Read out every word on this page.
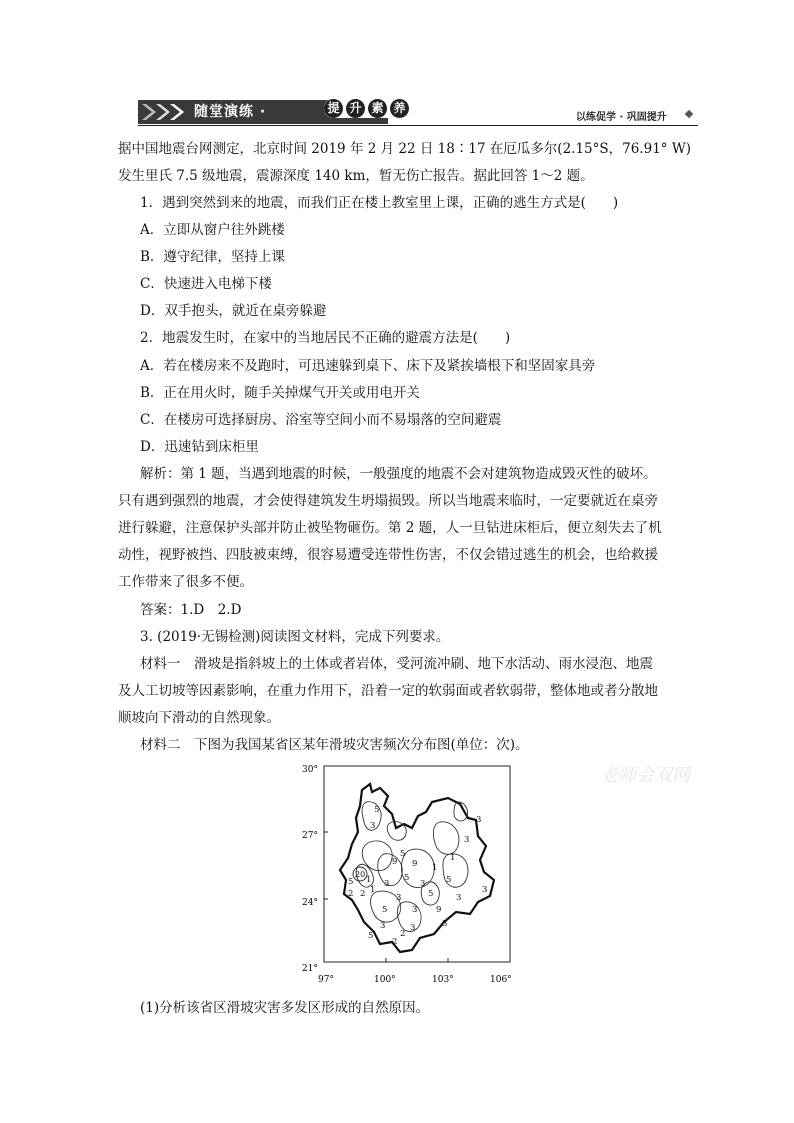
随堂演练 ·	提 升 素 养
以练促学 · 巩固提升
据中国地震台网测定，北京时间 2019 年 2 月 22 日 18∶17 在厄瓜多尔(2.15°S，76.91° W)
发生里氏 7.5 级地震，震源深度 140 km，暂无伤亡报告。据此回答 1～2 题。
1．遇到突然到来的地震，而我们正在楼上教室里上课，正确的逃生方式是(　　)
A．立即从窗户往外跳楼
B．遵守纪律，坚持上课
C．快速进入电梯下楼
D．双手抱头，就近在桌旁躲避
2．地震发生时，在家中的当地居民不正确的避震方法是(　　)
A．若在楼房来不及跑时，可迅速躲到桌下、床下及紧挨墙根下和坚固家具旁
B．正在用火时，随手关掉煤气开关或用电开关
C．在楼房可选择厨房、浴室等空间小而不易塌落的空间避震
D．迅速钻到床柜里
解析：第 1 题，当遇到地震的时候，一般强度的地震不会对建筑物造成毁灭性的破坏。
只有遇到强烈的地震，才会使得建筑发生坍塌损毁。所以当地震来临时，一定要就近在桌旁
进行躲避，注意保护头部并防止被坠物砸伤。第 2 题，人一旦钻进床柜后，便立刻失去了机
动性，视野被挡、四肢被束缚，很容易遭受连带性伤害，不仅会错过逃生的机会，也给救援
工作带来了很多不便。
答案：1.D　2.D
3. (2019·无锡检测)阅读图文材料，完成下列要求。
材料一　滑坡是指斜坡上的土体或者岩体，受河流冲刷、地下水活动、雨水浸泡、地震
及人工切坡等因素影响，在重力作用下，沿着一定的软弱面或者软弱带，整体地或者分散地
顺坡向下滑动的自然现象。
材料二　下图为我国某省区某年滑坡灾害频次分布图(单位：次)。
30°
27°
24°
21°
97°	100°	103°	106°
5
3
3
20
5
9
1
3
5
9
3
1
5
3
2
5
3
3
2
3
5
9
1
5
3
3
2
5
3	3
2
1
老师会双网
(1)分析该省区滑坡灾害多发区形成的自然原因。
